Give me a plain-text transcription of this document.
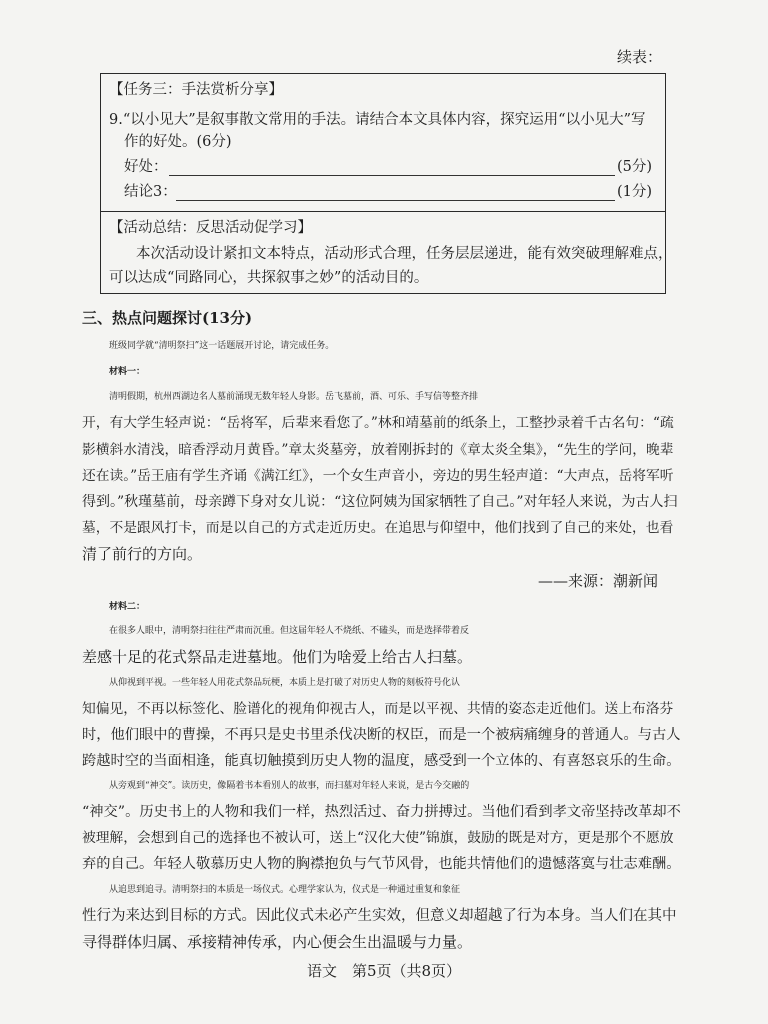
续表：
【任务三：手法赏析分享】
9.“以小见大”是叙事散文常用的手法。请结合本文具体内容，探究运用“以小见大”写
作的好处。(6分)
好处：	(5分)
结论3：	(1分)
【活动总结：反思活动促学习】
本次活动设计紧扣文本特点，活动形式合理，任务层层递进，能有效突破理解难点，
可以达成“同路同心，共探叙事之妙”的活动目的。
三、热点问题探讨(13分)
班级同学就“清明祭扫”这一话题展开讨论，请完成任务。
材料一：
清明假期，杭州西湖边名人墓前涌现无数年轻人身影。岳飞墓前，酒、可乐、手写信等整齐排
开，有大学生轻声说：“岳将军，后辈来看您了。”林和靖墓前的纸条上，工整抄录着千古名句：“疏
影横斜水清浅，暗香浮动月黄昏。”章太炎墓旁，放着刚拆封的《章太炎全集》，“先生的学问，晚辈
还在读。”岳王庙有学生齐诵《满江红》，一个女生声音小，旁边的男生轻声道：“大声点，岳将军听
得到。”秋瑾墓前，母亲蹲下身对女儿说：“这位阿姨为国家牺牲了自己。”对年轻人来说，为古人扫
墓，不是跟风打卡，而是以自己的方式走近历史。在追思与仰望中，他们找到了自己的来处，也看
清了前行的方向。
——来源：潮新闻
材料二：
在很多人眼中，清明祭扫往往严肃而沉重。但这届年轻人不烧纸、不磕头，而是选择带着反
差感十足的花式祭品走进墓地。他们为啥爱上给古人扫墓。
从仰视到平视。一些年轻人用花式祭品玩梗，本质上是打破了对历史人物的刻板符号化认
知偏见，不再以标签化、脸谱化的视角仰视古人，而是以平视、共情的姿态走近他们。送上布洛芬
时，他们眼中的曹操，不再只是史书里杀伐决断的权臣，而是一个被病痛缠身的普通人。与古人
跨越时空的当面相逢，能真切触摸到历史人物的温度，感受到一个立体的、有喜怒哀乐的生命。
从旁观到“神交”。读历史，像隔着书本看别人的故事，而扫墓对年轻人来说，是古今交融的
“神交”。历史书上的人物和我们一样，热烈活过、奋力拼搏过。当他们看到孝文帝坚持改革却不
被理解，会想到自己的选择也不被认可，送上“汉化大使”锦旗，鼓励的既是对方，更是那个不愿放
弃的自己。年轻人敬慕历史人物的胸襟抱负与气节风骨，也能共情他们的遗憾落寞与壮志难酬。
从追思到追寻。清明祭扫的本质是一场仪式。心理学家认为，仪式是一种通过重复和象征
性行为来达到目标的方式。因此仪式未必产生实效，但意义却超越了行为本身。当人们在其中
寻得群体归属、承接精神传承，内心便会生出温暖与力量。
语文　第5页（共8页）
